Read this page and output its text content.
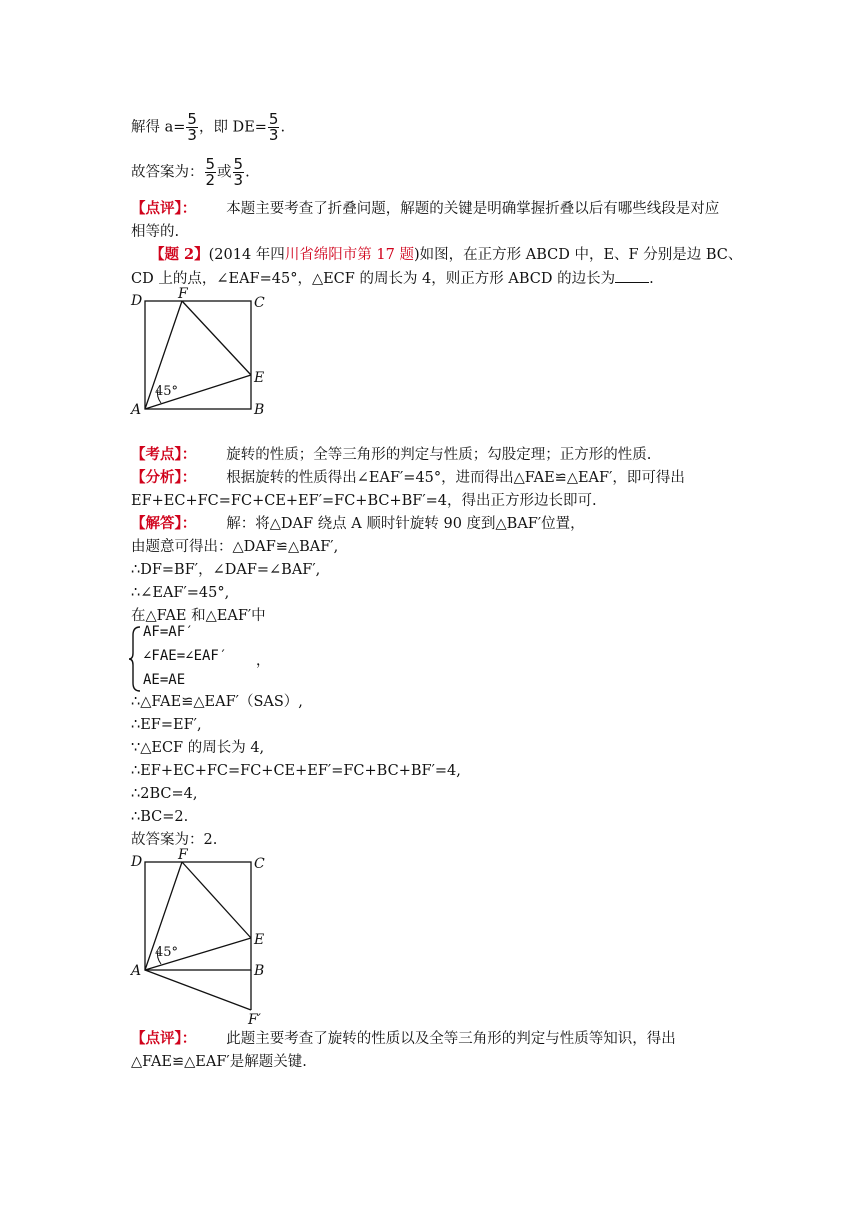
解得 $a= \frac{5}{3}$ ，即 $DE= \frac{5}{3}$ .
故答案为： $\frac{5}{2}$ 或 $\frac{5}{3}$ .
【点评】： 本题主要考查了折叠问题，解题的关键是明确掌握折叠以后有哪些线段是对应
相等的.
【题 2】(2014 年四川省绵阳市第 17 题)如图，在正方形 ABCD 中，E、F 分别是边 BC、
CD 上的点，∠EAF=45°，△ECF 的周长为 4，则正方形 ABCD 的边长为 .
D	F
C
E
A	B
45°
【考点】： 旋转的性质；全等三角形的判定与性质；勾股定理；正方形的性质.
【分析】： 根据旋转的性质得出∠EAF′=45°，进而得出△FAE≌△EAF′，即可得出
EF+EC+FC=FC+CE+EF′=FC+BC+BF′=4，得出正方形边长即可.
【解答】： 解：将△DAF 绕点 A 顺时针旋转 90 度到△BAF′位置，
由题意可得出：△DAF≌△BAF′,
∴DF=BF′，∠DAF=∠BAF′,
∴∠EAF′=45°,
在△FAE 和△EAF′中
AF=AF′
∠FAE=∠EAF′ ，
AE=AE
∴△FAE≌△EAF′（SAS）,
∴EF=EF′,
∵△ECF 的周长为 4,
∴EF+EC+FC=FC+CE+EF′=FC+BC+BF′=4,
∴2BC=4,
∴BC=2.
故答案为：2.
D	F
C
E
A	B
F′
45°
【点评】： 此题主要考查了旋转的性质以及全等三角形的判定与性质等知识，得出
△FAE≌△EAF′是解题关键.
